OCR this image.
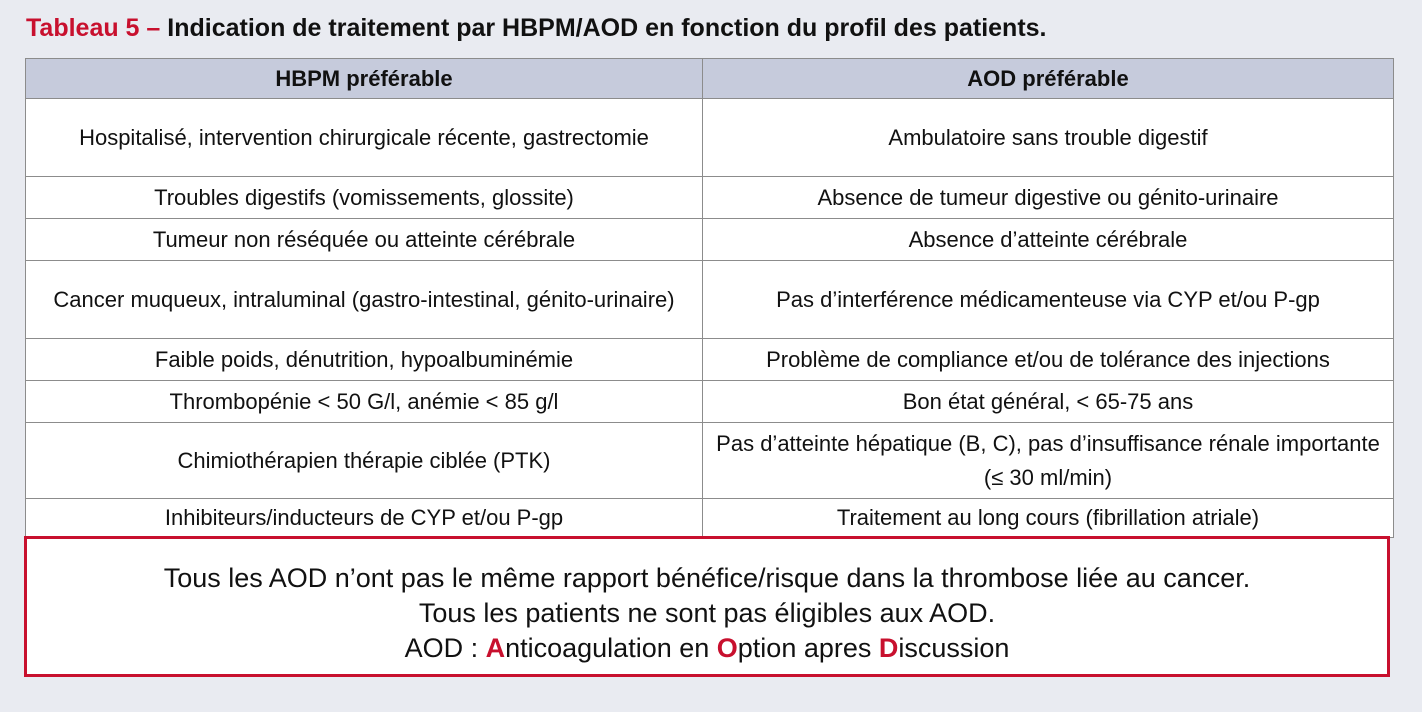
Tableau 5 – Indication de traitement par HBPM/AOD en fonction du profil des patients.
HBPM préférable	AOD préférable
Hospitalisé, intervention chirurgicale récente, gastrectomie	Ambulatoire sans trouble digestif
Troubles digestifs (vomissements, glossite)	Absence de tumeur digestive ou génito-urinaire
Tumeur non réséquée ou atteinte cérébrale	Absence d’atteinte cérébrale
Cancer muqueux, intraluminal (gastro-intestinal, génito-urinaire)	Pas d’interférence médicamenteuse via CYP et/ou P-gp
Faible poids, dénutrition, hypoalbuminémie	Problème de compliance et/ou de tolérance des injections
Thrombopénie < 50 G/l, anémie < 85 g/l	Bon état général, < 65-75 ans
Chimiothérapien thérapie ciblée (PTK)	Pas d’atteinte hépatique (B, C), pas d’insuffisance rénale importante (≤ 30 ml/min)
Inhibiteurs/inducteurs de CYP et/ou P-gp	Traitement au long cours (fibrillation atriale)
Tous les AOD n’ont pas le même rapport bénéfice/risque dans la thrombose liée au cancer.
Tous les patients ne sont pas éligibles aux AOD.
AOD : Anticoagulation en Option apres Discussion
